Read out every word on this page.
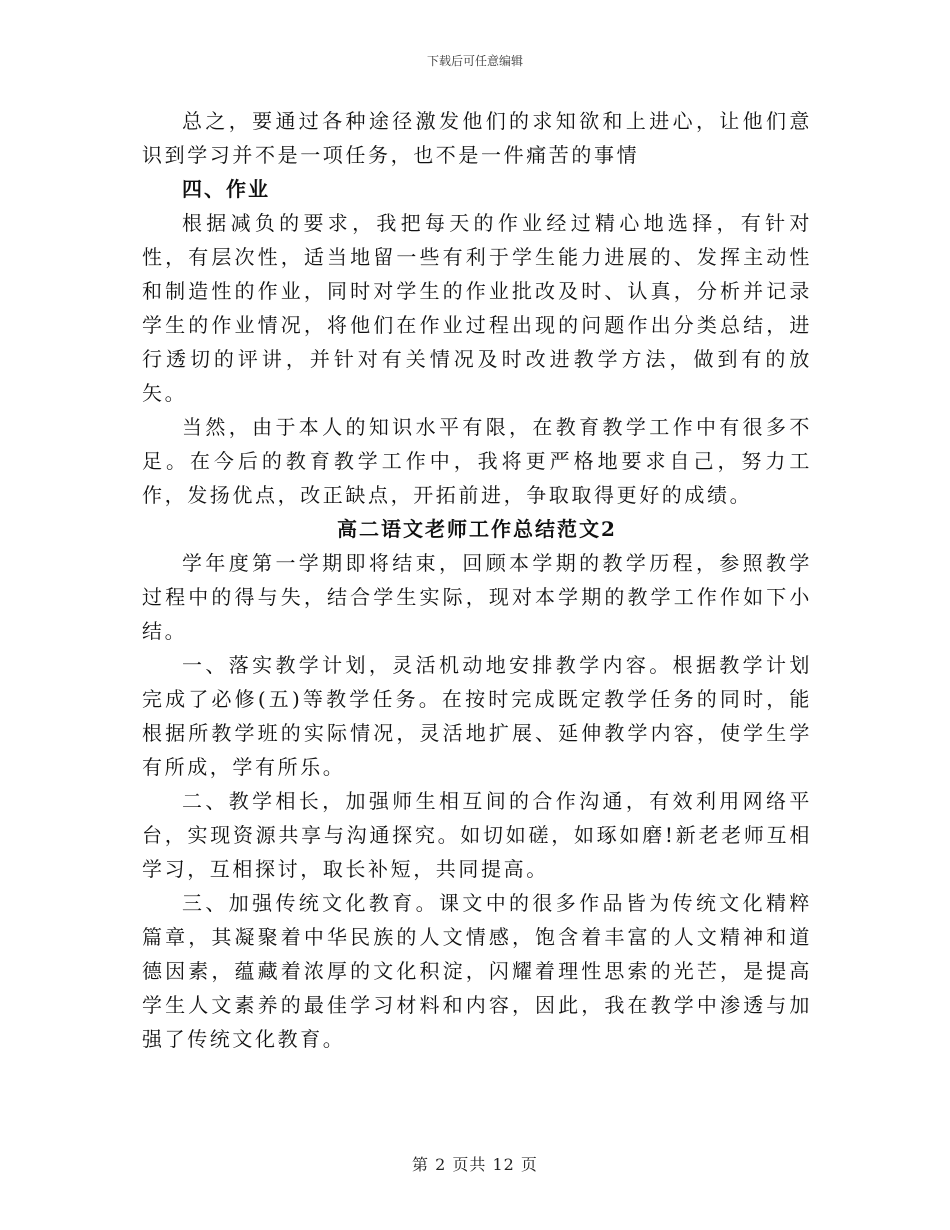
下载后可任意编辑

总之，要通过各种途径激发他们的求知欲和上进心，让他们意识到学习并不是一项任务，也不是一件痛苦的事情

四、作业

根据减负的要求，我把每天的作业经过精心地选择，有针对性，有层次性，适当地留一些有利于学生能力进展的、发挥主动性和制造性的作业，同时对学生的作业批改及时、认真，分析并记录学生的作业情况，将他们在作业过程出现的问题作出分类总结，进行透切的评讲，并针对有关情况及时改进教学方法，做到有的放矢。

当然，由于本人的知识水平有限，在教育教学工作中有很多不足。在今后的教育教学工作中，我将更严格地要求自己，努力工作，发扬优点，改正缺点，开拓前进，争取取得更好的成绩。

高二语文老师工作总结范文2

学年度第一学期即将结束，回顾本学期的教学历程，参照教学过程中的得与失，结合学生实际，现对本学期的教学工作作如下小结。

一、落实教学计划，灵活机动地安排教学内容。根据教学计划完成了必修(五)等教学任务。在按时完成既定教学任务的同时，能根据所教学班的实际情况，灵活地扩展、延伸教学内容，使学生学有所成，学有所乐。

二、教学相长，加强师生相互间的合作沟通，有效利用网络平台，实现资源共享与沟通探究。如切如磋，如琢如磨!新老老师互相学习，互相探讨，取长补短，共同提高。

三、加强传统文化教育。课文中的很多作品皆为传统文化精粹篇章，其凝聚着中华民族的人文情感，饱含着丰富的人文精神和道德因素，蕴藏着浓厚的文化积淀，闪耀着理性思索的光芒，是提高学生人文素养的最佳学习材料和内容，因此，我在教学中渗透与加强了传统文化教育。

第 2 页共 12 页
